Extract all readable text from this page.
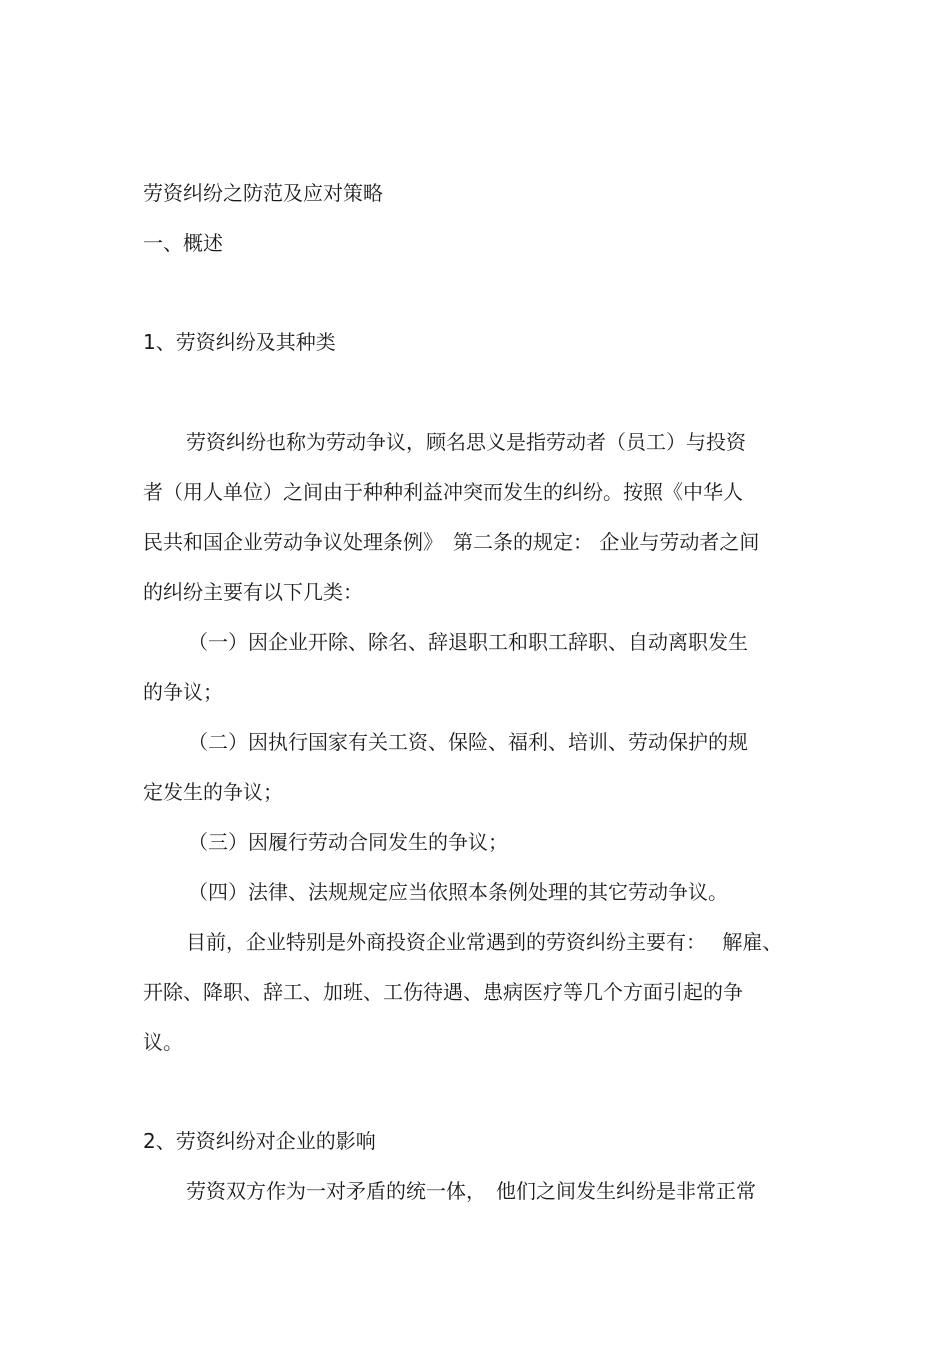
劳资纠纷之防范及应对策略
一、概述
1、劳资纠纷及其种类
劳资纠纷也称为劳动争议，顾名思义是指劳动者（员工）与投资
者（用人单位）之间由于种种利益冲突而发生的纠纷。按照《中华人
民共和国企业劳动争议处理条例》　第二条的规定： 企业与劳动者之间
的纠纷主要有以下几类：
（一）因企业开除、除名、辞退职工和职工辞职、自动离职发生
的争议；
（二）因执行国家有关工资、保险、福利、培训、劳动保护的规
定发生的争议；
（三）因履行劳动合同发生的争议；
（四）法律、法规规定应当依照本条例处理的其它劳动争议。
目前，企业特别是外商投资企业常遇到的劳资纠纷主要有：　 解雇、
开除、降职、辞工、加班、工伤待遇、患病医疗等几个方面引起的争
议。
2、劳资纠纷对企业的影响
劳资双方作为一对矛盾的统一体，　他们之间发生纠纷是非常正常
